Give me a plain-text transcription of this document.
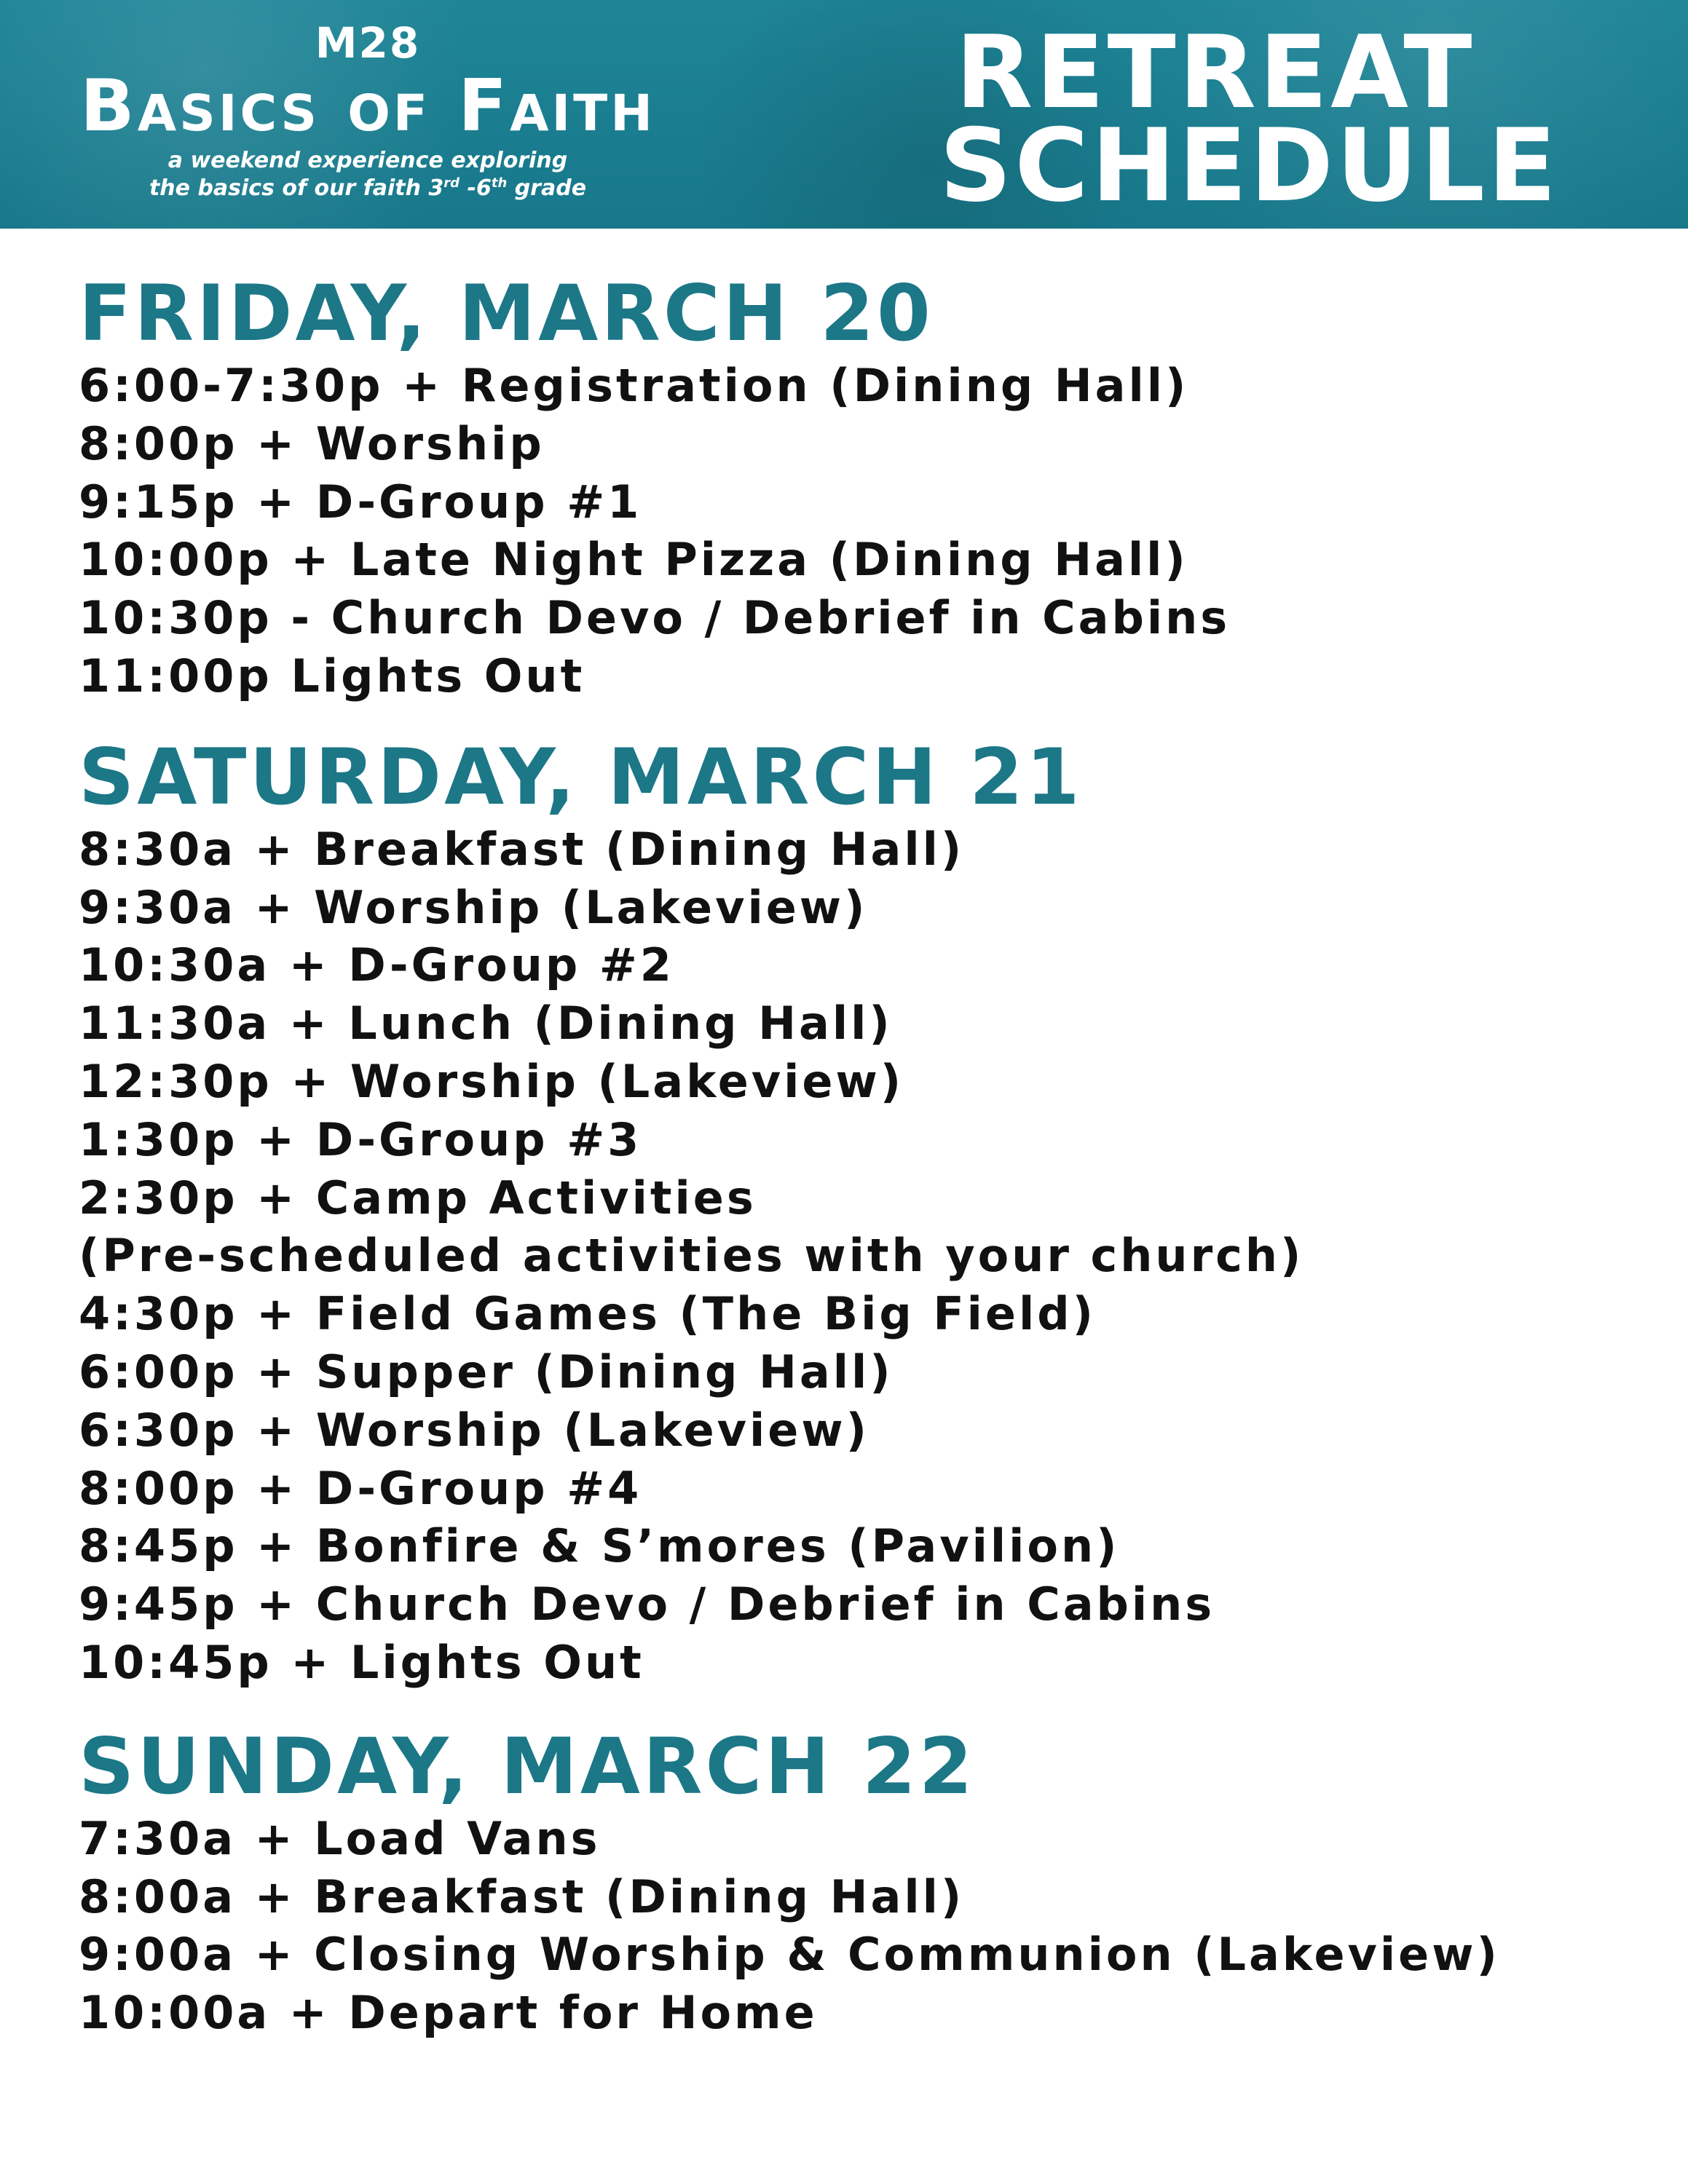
M28
Basics of Faith
a weekend experience exploring
the basics of our faith 3rd -6th grade
RETREAT
SCHEDULE
FRIDAY, MARCH 20
6:00-7:30p + Registration (Dining Hall)
8:00p + Worship
9:15p + D-Group #1
10:00p + Late Night Pizza (Dining Hall)
10:30p - Church Devo / Debrief in Cabins
11:00p Lights Out
SATURDAY, MARCH 21
8:30a + Breakfast (Dining Hall)
9:30a + Worship (Lakeview)
10:30a + D-Group #2
11:30a + Lunch (Dining Hall)
12:30p + Worship (Lakeview)
1:30p + D-Group #3
2:30p + Camp Activities
(Pre-scheduled activities with your church)
4:30p + Field Games (The Big Field)
6:00p + Supper (Dining Hall)
6:30p + Worship (Lakeview)
8:00p + D-Group #4
8:45p + Bonfire & S’mores (Pavilion)
9:45p + Church Devo / Debrief in Cabins
10:45p + Lights Out
SUNDAY, MARCH 22
7:30a + Load Vans
8:00a + Breakfast (Dining Hall)
9:00a + Closing Worship & Communion (Lakeview)
10:00a + Depart for Home
